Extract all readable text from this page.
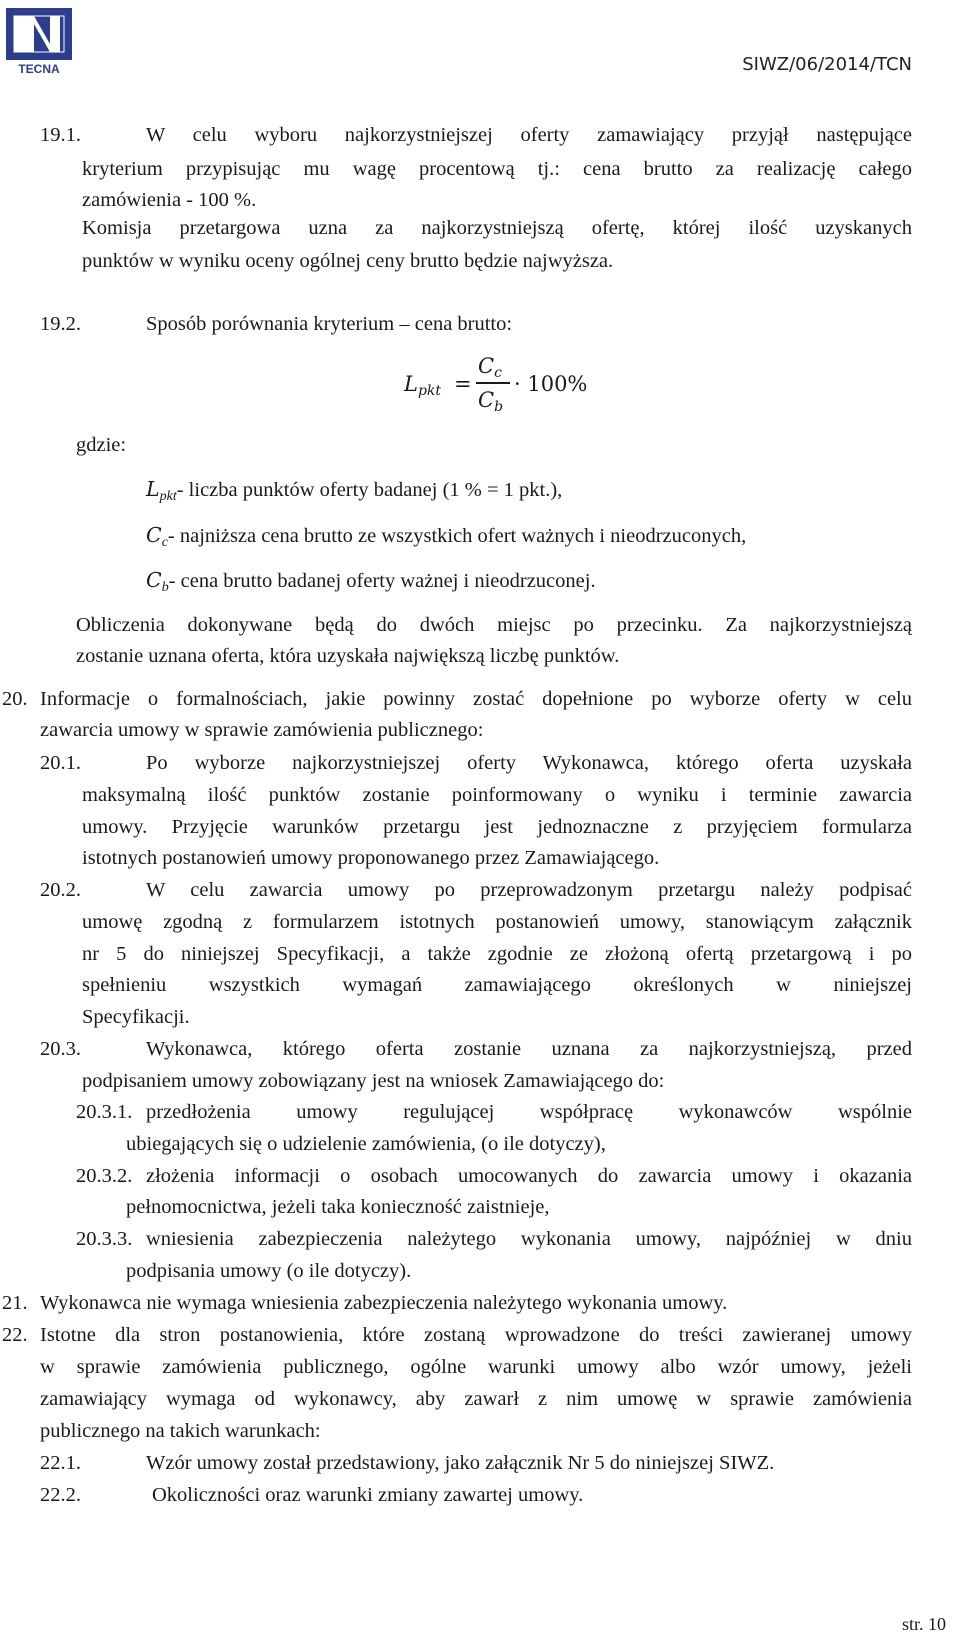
TECNA	SIWZ/06/2014/TCN
19.1.	W celu wyboru najkorzystniejszej oferty zamawiający przyjął następujące
kryterium przypisując mu wagę procentową tj.: cena brutto za realizację całego
zamówienia - 100 %.
Komisja przetargowa uzna za najkorzystniejszą ofertę, której ilość uzyskanych
punktów w wyniku oceny ogólnej ceny brutto będzie najwyższa.
19.2.	Sposób porównania kryterium – cena brutto:
$L_{pkt}$ =
$C_c$
$C_b$
· 100%
gdzie:
$L_{pkt}-$ liczba punktów oferty badanej (1 % = 1 pkt.),
$C_c-$ najniższa cena brutto ze wszystkich ofert ważnych i nieodrzuconych,
$C_b-$ cena brutto badanej oferty ważnej i nieodrzuconej.
Obliczenia dokonywane będą do dwóch miejsc po przecinku. Za najkorzystniejszą
zostanie uznana oferta, która uzyskała największą liczbę punktów.
20. Informacje o formalnościach, jakie powinny zostać dopełnione po wyborze oferty w celu
zawarcia umowy w sprawie zamówienia publicznego:
20.1.	Po wyborze najkorzystniejszej oferty Wykonawca, którego oferta uzyskała
maksymalną ilość punktów zostanie poinformowany o wyniku i terminie zawarcia
umowy. Przyjęcie warunków przetargu jest jednoznaczne z przyjęciem formularza
istotnych postanowień umowy proponowanego przez Zamawiającego.
20.2.	W celu zawarcia umowy po przeprowadzonym przetargu należy podpisać
umowę zgodną z formularzem istotnych postanowień umowy, stanowiącym załącznik
nr 5 do niniejszej Specyfikacji, a także zgodnie ze złożoną ofertą przetargową i po
spełnieniu wszystkich wymagań zamawiającego określonych w niniejszej
Specyfikacji.
20.3.	Wykonawca, którego oferta zostanie uznana za najkorzystniejszą, przed
podpisaniem umowy zobowiązany jest na wniosek Zamawiającego do:
20.3.1. przedłożenia umowy regulującej współpracę wykonawców wspólnie
ubiegających się o udzielenie zamówienia, (o ile dotyczy),
20.3.2. złożenia informacji o osobach umocowanych do zawarcia umowy i okazania
pełnomocnictwa, jeżeli taka konieczność zaistnieje,
20.3.3. wniesienia zabezpieczenia należytego wykonania umowy, najpóźniej w dniu
podpisania umowy (o ile dotyczy).
21. Wykonawca nie wymaga wniesienia zabezpieczenia należytego wykonania umowy.
22. Istotne dla stron postanowienia, które zostaną wprowadzone do treści zawieranej umowy
w sprawie zamówienia publicznego, ogólne warunki umowy albo wzór umowy, jeżeli
zamawiający wymaga od wykonawcy, aby zawarł z nim umowę w sprawie zamówienia
publicznego na takich warunkach:
22.1.	Wzór umowy został przedstawiony, jako załącznik Nr 5 do niniejszej SIWZ.
22.2.	Okoliczności oraz warunki zmiany zawartej umowy.
str. 10
